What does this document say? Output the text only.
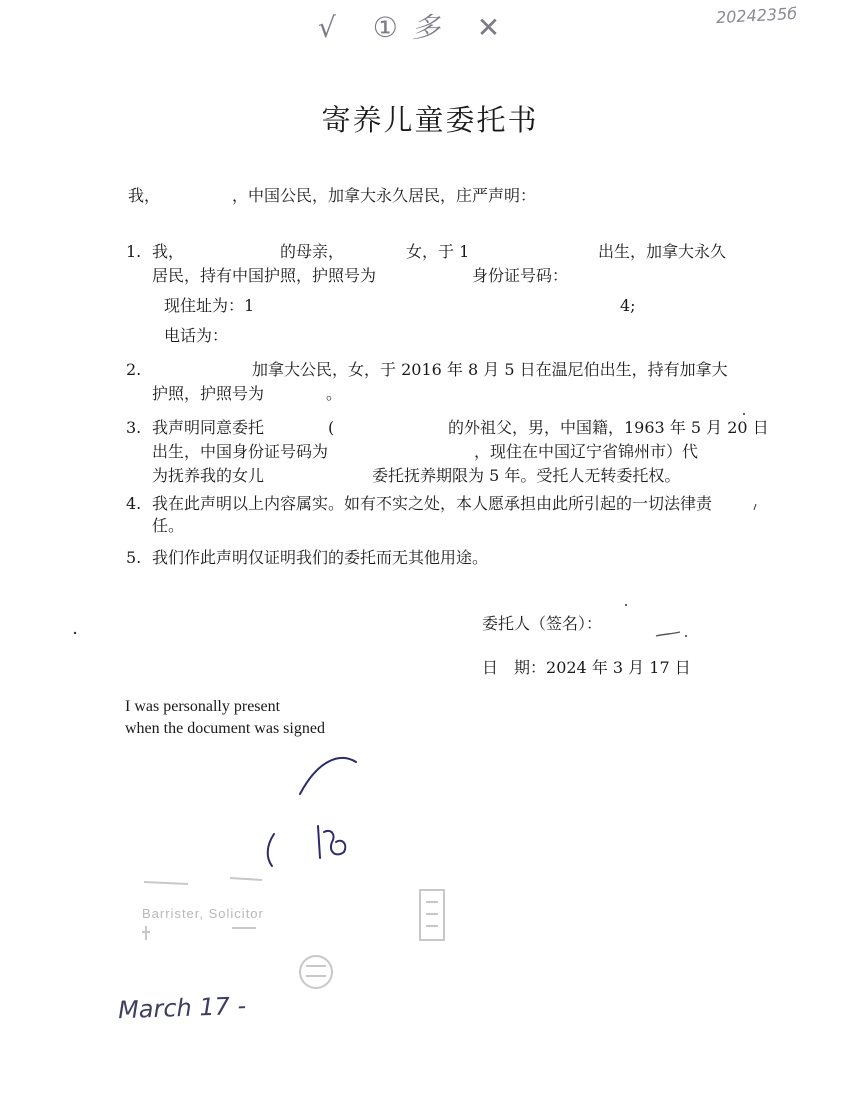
√ ①多 ✕	2024235б
寄养儿童委托书
我，	，中国公民，加拿大永久居民，庄严声明：
1. 我，	的母亲，	女，于 1	出生，加拿大永久
居民，持有中国护照，护照号为	身份证号码：
现住址为：1	4;
电话为：
2.	加拿大公民，女，于 2016 年 8 月 5 日在温尼伯出生，持有加拿大
护照，护照号为	。
3. 我声明同意委托	(	的外祖父，男，中国籍，1963 年 5 月 20 日
出生，中国身份证号码为	，现住在中国辽宁省锦州市）代
为抚养我的女儿	委托抚养期限为 5 年。受托人无转委托权。
4. 我在此声明以上内容属实。如有不实之处，本人愿承担由此所引起的一切法律责
任。
5. 我们作此声明仅证明我们的委托而无其他用途。
委托人（签名）：
日　期：2024 年 3 月 17 日
I was personally present
when the document was signed
Barrister, Solicitor
March 17 -
